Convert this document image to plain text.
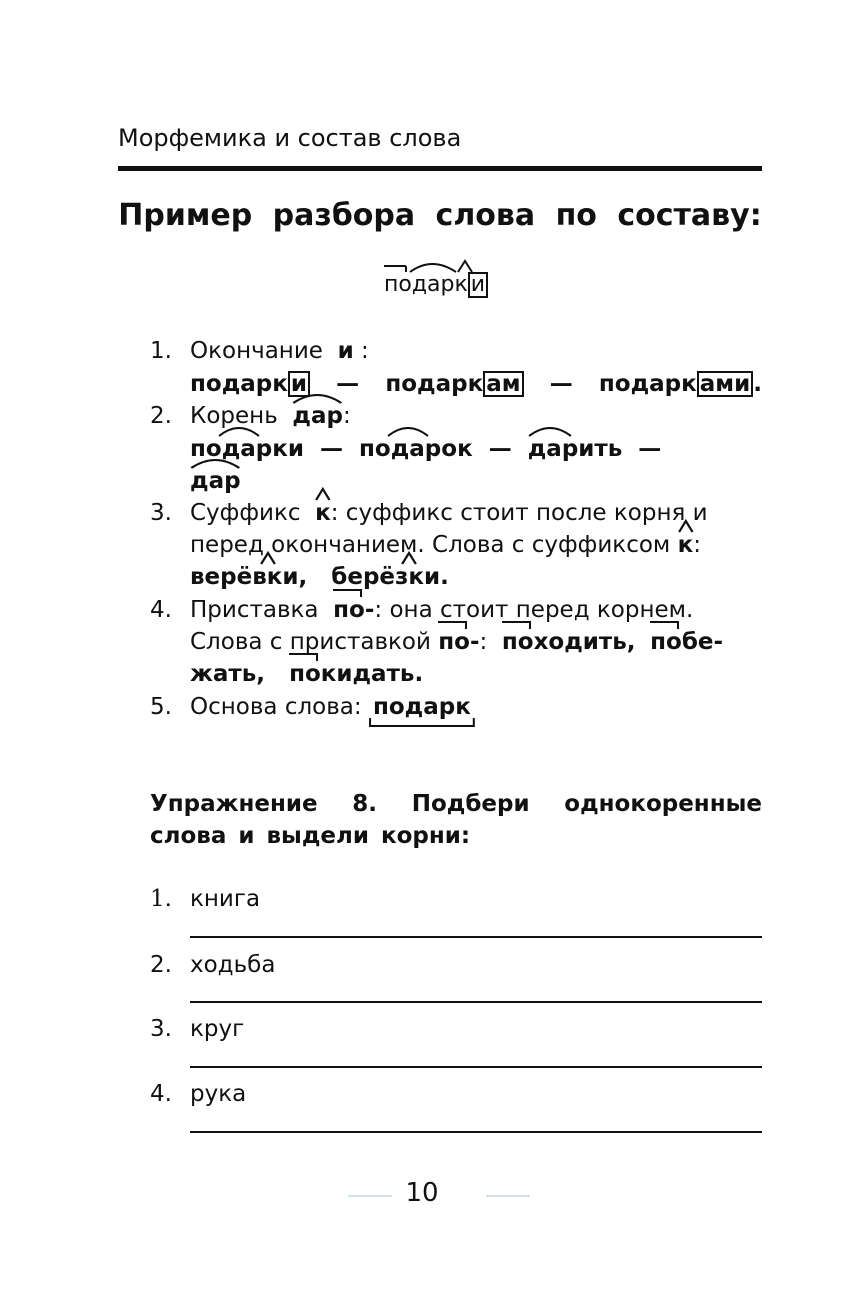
Морфемика и состав слова
Пример разбора слова по составу:
подарк и
1. Окончание и :
подарк и — подарк ам — подарк ами .
2. Корень дар:
подарки — подарок — дарить —
дар
3. Суффикс к: суффикс стоит после корня и
перед окончанием. Слова с суффиксом к:
верёвки, берёзки.
4. Приставка по-: она стоит перед корнем.
Слова с приставкой по-: походить, побе-
жать, покидать.
5. Основа слова: подарк
Упражнение 8. Подбери однокоренные слова и выдели корни:
1. книга
2. ходьба
3. круг
4. рука
10
